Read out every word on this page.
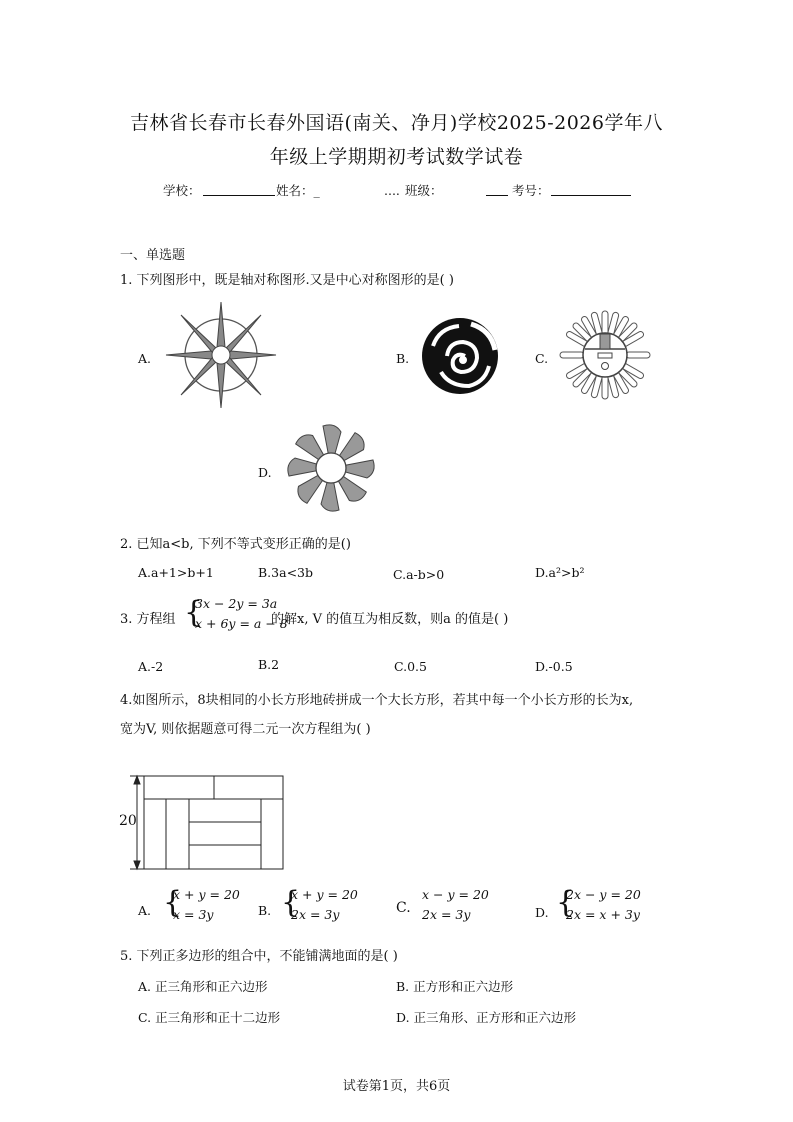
吉林省长春市长春外国语(南关、净月)学校2025-2026学年八
年级上学期期初考试数学试卷
学校：	姓名：_	.... 班级：	考号：
一、单选题
1. 下列图形中，既是轴对称图形.又是中心对称图形的是( )
A.	B.	C.
D.
2. 已知a<b, 下列不等式变形正确的是()
A.a+1>b+1	B.3a<3b	C.a-b>0	D.a²>b²
3. 方程组 {
3x − 2y = 3a
x + 6y = a − 8
的解x, V 的值互为相反数，则a 的值是( )
A.-2	B.2	C.0.5	D.-0.5
4.如图所示，8块相同的小长方形地砖拼成一个大长方形，若其中每一个小长方形的长为x,
宽为V, 则依据题意可得二元一次方程组为( )
20
A. {
x + y = 20
x = 3y	B. {
x + y = 20
2x = 3y	C.
x − y = 20
2x = 3y	D. {
2x − y = 20
2x = x + 3y
5. 下列正多边形的组合中，不能铺满地面的是( )
A. 正三角形和正六边形	B. 正方形和正六边形
C. 正三角形和正十二边形	D. 正三角形、正方形和正六边形
试卷第1页，共6页
